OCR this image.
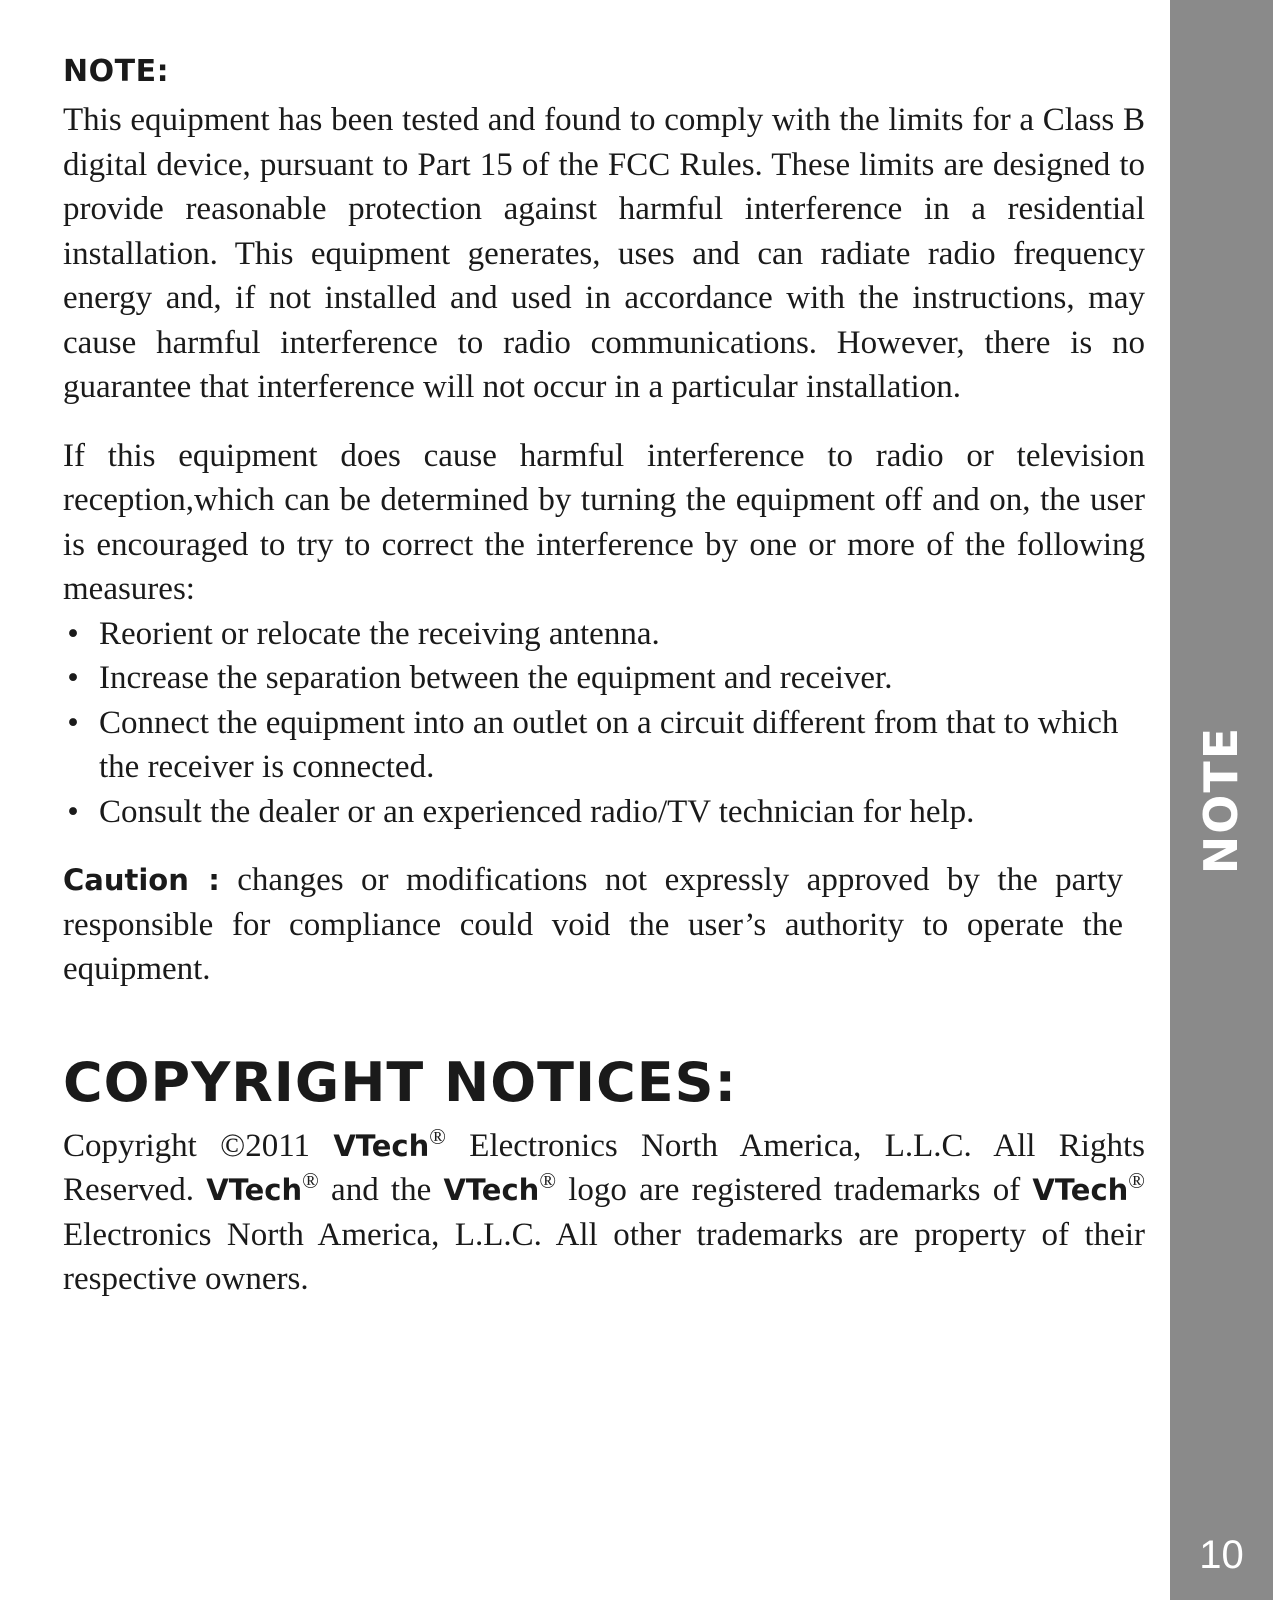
NOTE:

This equipment has been tested and found to comply with the limits for a Class B digital device, pursuant to Part 15 of the FCC Rules. These limits are designed to provide reasonable protection against harmful interference in a residential installation. This equipment generates, uses and can radiate radio frequency energy and, if not installed and used in accordance with the instructions, may cause harmful interference to radio communications. However, there is no guarantee that interference will not occur in a particular installation.

If this equipment does cause harmful interference to radio or television reception,which can be determined by turning the equipment off and on, the user is encouraged to try to correct the interference by one or more of the following measures:

• Reorient or relocate the receiving antenna.
• Increase the separation between the equipment and receiver.
• Connect the equipment into an outlet on a circuit different from that to which the receiver is connected.
• Consult the dealer or an experienced radio/TV technician for help.

Caution : changes or modifications not expressly approved by the party responsible for compliance could void the user’s authority to operate the equipment.

COPYRIGHT NOTICES:

Copyright ©2011 VTech® Electronics North America, L.L.C. All Rights Reserved. VTech® and the VTech® logo are registered trademarks of VTech® Electronics North America, L.L.C. All other trademarks are property of their respective owners.

NOTE
10
